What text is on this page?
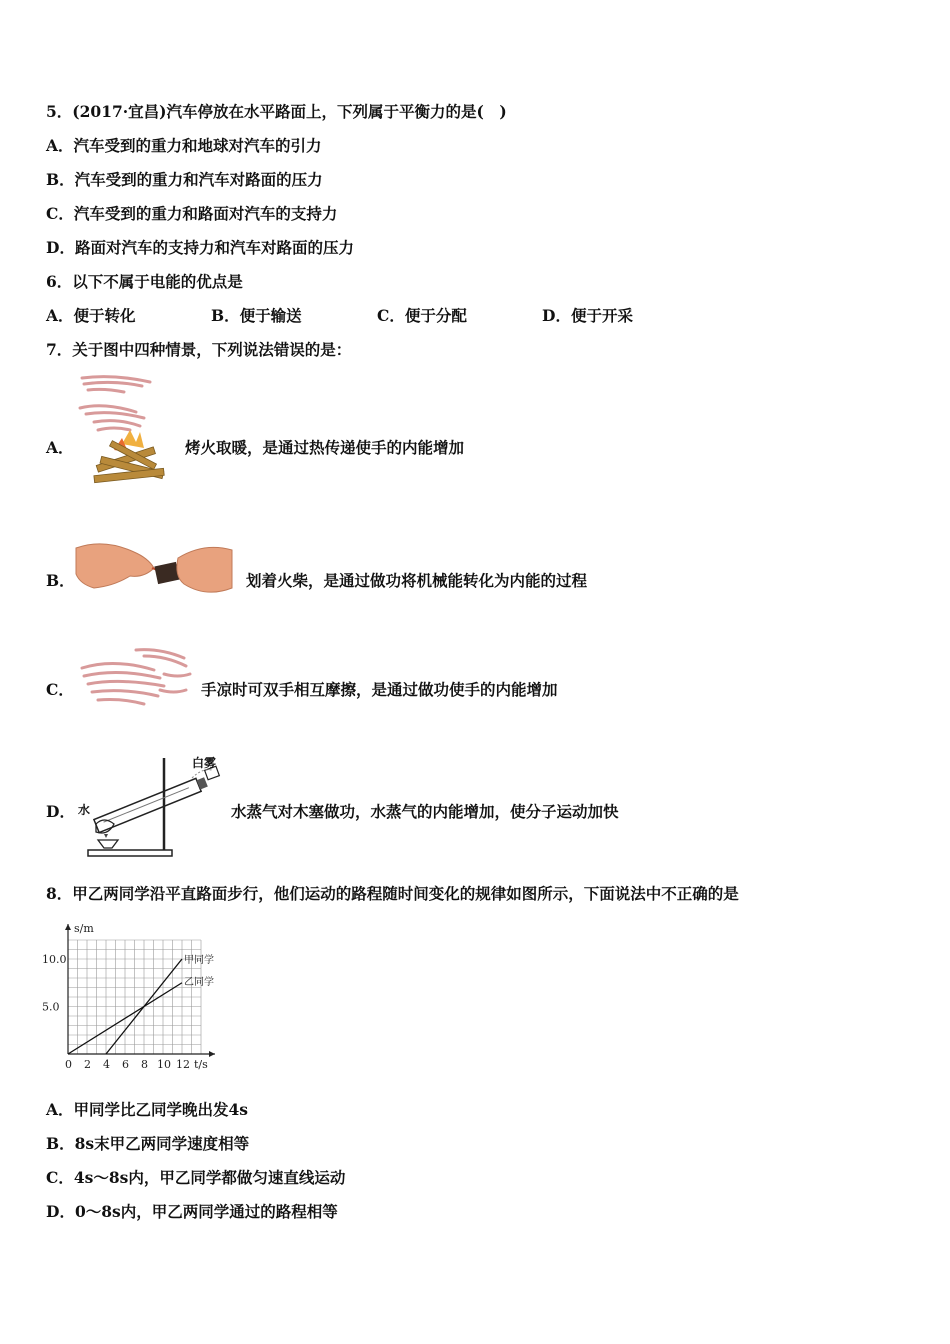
5．(2017·宜昌)汽车停放在水平路面上，下列属于平衡力的是(　)
A．汽车受到的重力和地球对汽车的引力
B．汽车受到的重力和汽车对路面的压力
C．汽车受到的重力和路面对汽车的支持力
D．路面对汽车的支持力和汽车对路面的压力
6．以下不属于电能的优点是
A．便于转化	B．便于输送	C．便于分配	D．便于开采
7．关于图中四种情景，下列说法错误的是：
A．	烤火取暖，是通过热传递使手的内能增加
B．	划着火柴，是通过做功将机械能转化为内能的过程
C．	手凉时可双手相互摩擦，是通过做功使手的内能增加
D．
白雾
水	水蒸气对木塞做功，水蒸气的内能增加，使分子运动加快
8．甲乙两同学沿平直路面步行，他们运动的路程随时间变化的规律如图所示，下面说法中不正确的是
s/m
0 2 4 6 8 10 12 t/s
5.0
10.0	甲同学
乙同学
A．甲同学比乙同学晚出发4s
B．8s末甲乙两同学速度相等
C．4s～8s内，甲乙同学都做匀速直线运动
D．0～8s内，甲乙两同学通过的路程相等
